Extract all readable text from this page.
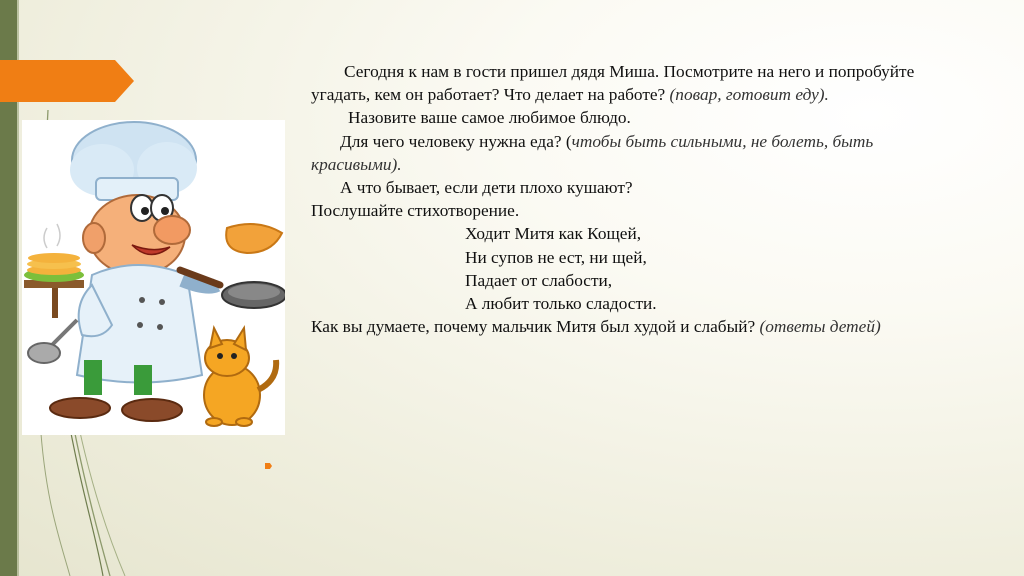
Сегодня к нам в гости пришел дядя Миша. Посмотрите на него и попробуйте угадать, кем он работает? Что делает на работе? (повар, готовит еду).

Назовите ваше самое любимое блюдо.

Для чего человеку нужна еда? (чтобы быть сильными, не болеть, быть красивыми).

А что бывает, если дети плохо кушают?

Послушайте стихотворение.

Ходит Митя как Кощей,

Ни супов не ест, ни щей,

Падает от слабости,

А любит только сладости.

Как вы думаете, почему мальчик Митя был худой и слабый? (ответы детей)
